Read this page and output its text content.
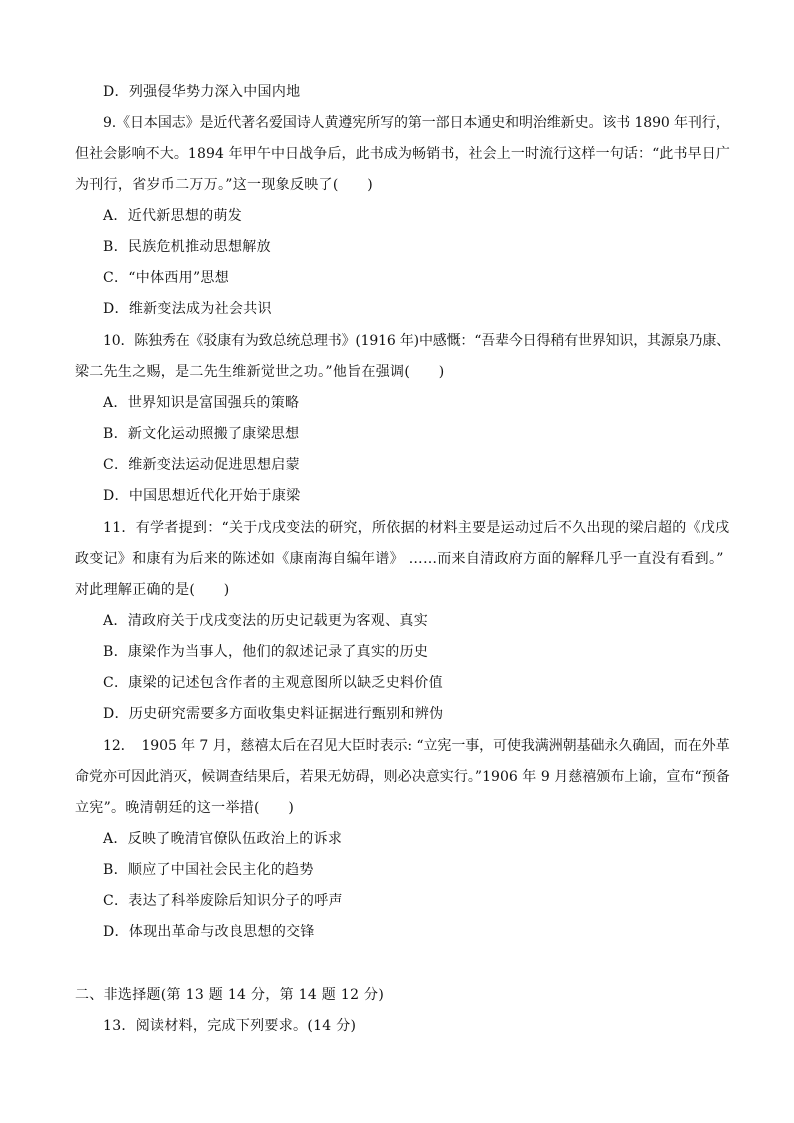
D．列强侵华势力深入中国内地
9.《日本国志》是近代著名爱国诗人黄遵宪所写的第一部日本通史和明治维新史。该书 1890 年刊行，
但社会影响不大。1894 年甲午中日战争后，此书成为畅销书，社会上一时流行这样一句话：“此书早日广
为刊行，省岁币二万万。”这一现象反映了(　　)
A．近代新思想的萌发
B．民族危机推动思想解放
C．“中体西用”思想
D．维新变法成为社会共识
10．陈独秀在《驳康有为致总统总理书》(1916 年)中感慨：“吾辈今日得稍有世界知识，其源泉乃康、
梁二先生之赐，是二先生维新觉世之功。”他旨在强调(　　)
A．世界知识是富国强兵的策略
B．新文化运动照搬了康梁思想
C．维新变法运动促进思想启蒙
D．中国思想近代化开始于康梁
11．有学者提到：“关于戊戌变法的研究，所依据的材料主要是运动过后不久出现的梁启超的《戊戌
政变记》和康有为后来的陈述如《康南海自编年谱》 ……而来自清政府方面的解释几乎一直没有看到。”
对此理解正确的是(　　)
A．清政府关于戊戌变法的历史记载更为客观、真实
B．康梁作为当事人，他们的叙述记录了真实的历史
C．康梁的记述包含作者的主观意图所以缺乏史料价值
D．历史研究需要多方面收集史料证据进行甄别和辨伪
12．　1905 年 7 月，慈禧太后在召见大臣时表示: “立宪一事，可使我满洲朝基础永久确固，而在外革
命党亦可因此消灭，候调查结果后，若果无妨碍，则必决意实行。”1906 年 9 月慈禧颁布上谕，宣布“预备
立宪”。晚清朝廷的这一举措(　　)
A．反映了晚清官僚队伍政治上的诉求
B．顺应了中国社会民主化的趋势
C．表达了科举废除后知识分子的呼声
D．体现出革命与改良思想的交锋
二、非选择题(第 13 题 14 分，第 14 题 12 分)
13．阅读材料，完成下列要求。(14 分)
